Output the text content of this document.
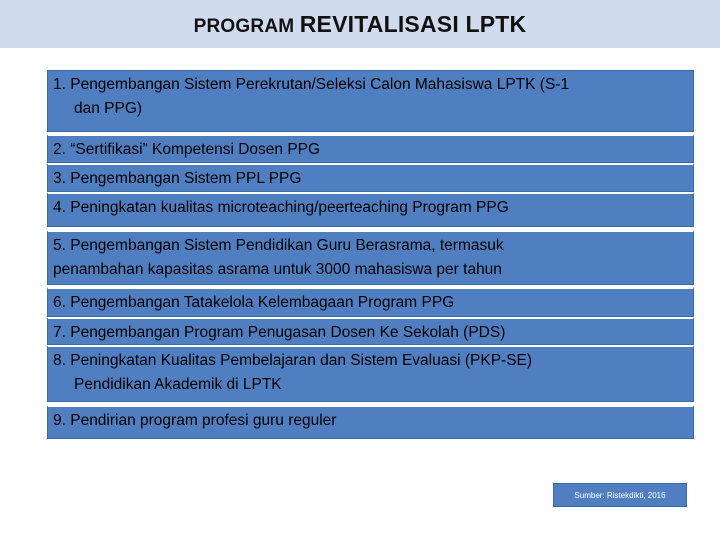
PROGRAM REVITALISASI LPTK
1. Pengembangan Sistem Perekrutan/Seleksi Calon Mahasiswa LPTK (S-1
dan PPG)
2. “Sertifikasi” Kompetensi Dosen PPG
3. Pengembangan Sistem PPL PPG
4. Peningkatan kualitas microteaching/peerteaching Program PPG
5. Pengembangan Sistem Pendidikan Guru Berasrama, termasuk
penambahan kapasitas asrama untuk 3000 mahasiswa per tahun
6. Pengembangan Tatakelola Kelembagaan Program PPG
7. Pengembangan Program Penugasan Dosen Ke Sekolah (PDS)
8. Peningkatan Kualitas Pembelajaran dan Sistem Evaluasi (PKP-SE)
Pendidikan Akademik di LPTK
9. Pendirian program profesi guru reguler
Sumber: Ristekdikti, 2016
